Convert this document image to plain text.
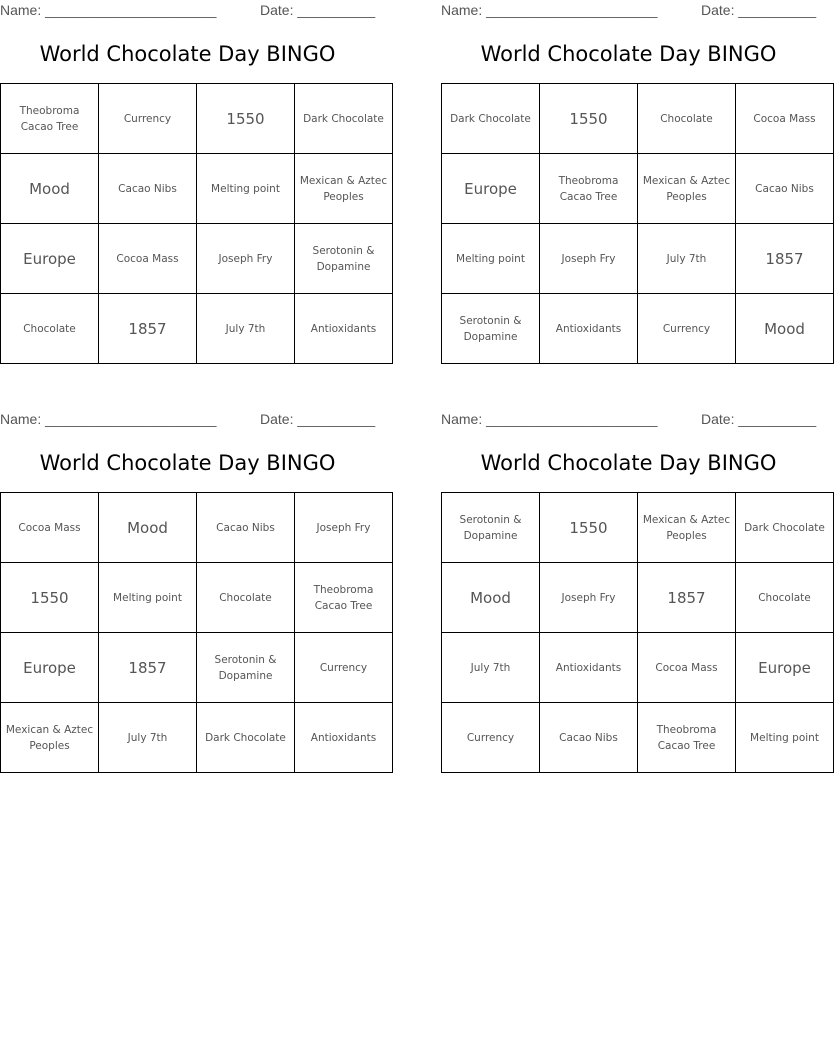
Name: ______________________	Date: __________
World Chocolate Day BINGO
Theobroma Cacao Tree	Currency	1550	Dark Chocolate
Mood	Cacao Nibs	Melting point	Mexican & Aztec Peoples
Europe	Cocoa Mass	Joseph Fry	Serotonin & Dopamine
Chocolate	1857	July 7th	Antioxidants
Name: ______________________	Date: __________
World Chocolate Day BINGO
Dark Chocolate	1550	Chocolate	Cocoa Mass
Europe	Theobroma Cacao Tree	Mexican & Aztec Peoples	Cacao Nibs
Melting point	Joseph Fry	July 7th	1857
Serotonin & Dopamine	Antioxidants	Currency	Mood
Name: ______________________	Date: __________
World Chocolate Day BINGO
Cocoa Mass	Mood	Cacao Nibs	Joseph Fry
1550	Melting point	Chocolate	Theobroma Cacao Tree
Europe	1857	Serotonin & Dopamine	Currency
Mexican & Aztec Peoples	July 7th	Dark Chocolate	Antioxidants
Name: ______________________	Date: __________
World Chocolate Day BINGO
Serotonin & Dopamine	1550	Mexican & Aztec Peoples	Dark Chocolate
Mood	Joseph Fry	1857	Chocolate
July 7th	Antioxidants	Cocoa Mass	Europe
Currency	Cacao Nibs	Theobroma Cacao Tree	Melting point
